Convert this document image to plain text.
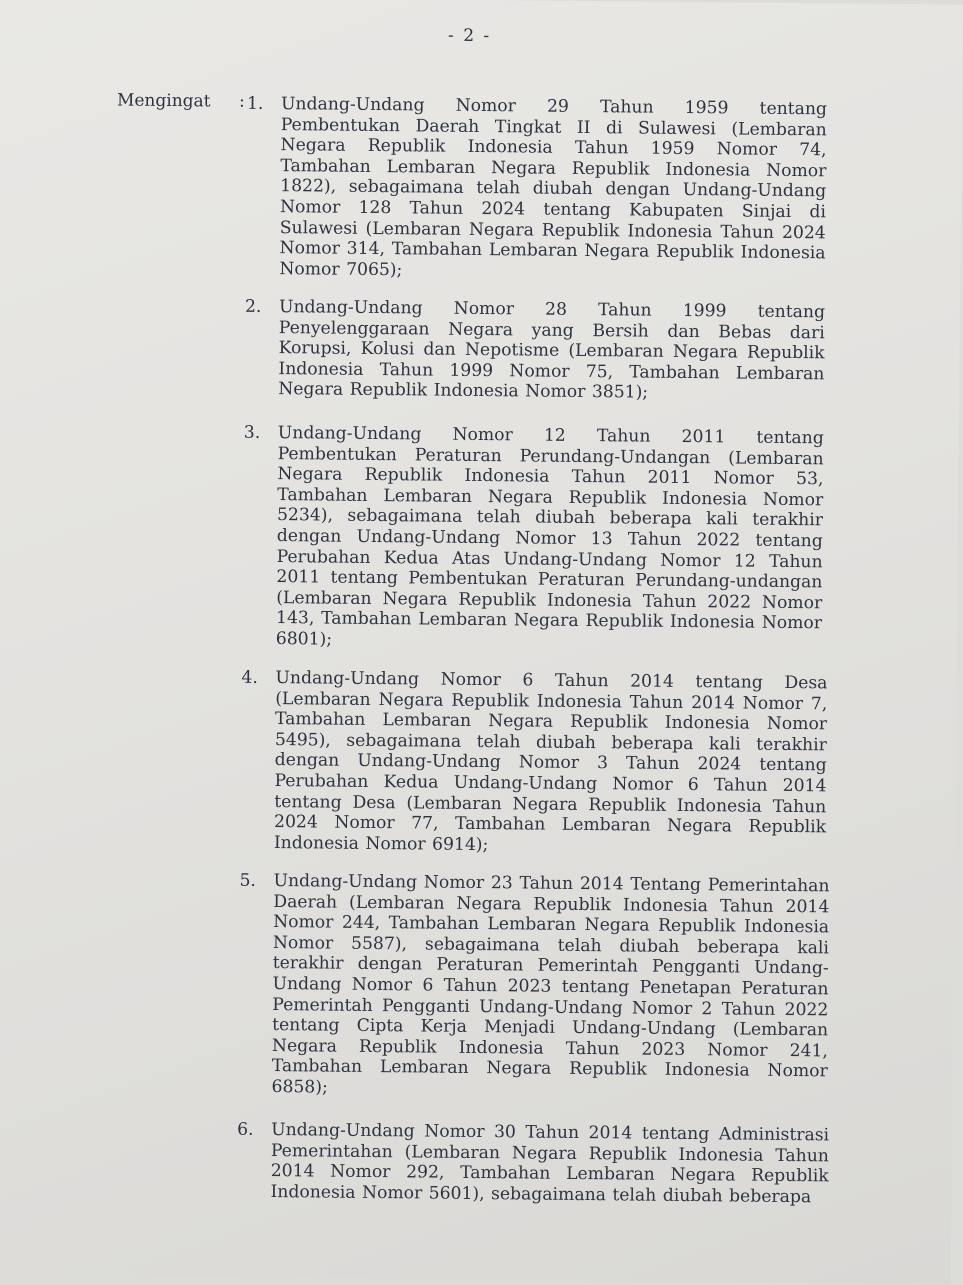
- 2 -
Mengingat : 1.	Undang-Undang Nomor 29 Tahun 1959 tentang Pembentukan Daerah Tingkat II di Sulawesi (Lembaran Negara Republik Indonesia Tahun 1959 Nomor 74, Tambahan Lembaran Negara Republik Indonesia Nomor 1822), sebagaimana telah diubah dengan Undang-Undang Nomor 128 Tahun 2024 tentang Kabupaten Sinjai di Sulawesi (Lembaran Negara Republik Indonesia Tahun 2024 Nomor 314, Tambahan Lembaran Negara Republik Indonesia Nomor 7065);
2.	Undang-Undang Nomor 28 Tahun 1999 tentang Penyelenggaraan Negara yang Bersih dan Bebas dari Korupsi, Kolusi dan Nepotisme (Lembaran Negara Republik Indonesia Tahun 1999 Nomor 75, Tambahan Lembaran Negara Republik Indonesia Nomor 3851);
3.	Undang-Undang Nomor 12 Tahun 2011 tentang Pembentukan Peraturan Perundang-Undangan (Lembaran Negara Republik Indonesia Tahun 2011 Nomor 53, Tambahan Lembaran Negara Republik Indonesia Nomor 5234), sebagaimana telah diubah beberapa kali terakhir dengan Undang-Undang Nomor 13 Tahun 2022 tentang Perubahan Kedua Atas Undang-Undang Nomor 12 Tahun 2011 tentang Pembentukan Peraturan Perundang-undangan (Lembaran Negara Republik Indonesia Tahun 2022 Nomor 143, Tambahan Lembaran Negara Republik Indonesia Nomor 6801);
4.	Undang-Undang Nomor 6 Tahun 2014 tentang Desa (Lembaran Negara Republik Indonesia Tahun 2014 Nomor 7, Tambahan Lembaran Negara Republik Indonesia Nomor 5495), sebagaimana telah diubah beberapa kali terakhir dengan Undang-Undang Nomor 3 Tahun 2024 tentang Perubahan Kedua Undang-Undang Nomor 6 Tahun 2014 tentang Desa (Lembaran Negara Republik Indonesia Tahun 2024 Nomor 77, Tambahan Lembaran Negara Republik Indonesia Nomor 6914);
5.	Undang-Undang Nomor 23 Tahun 2014 Tentang Pemerintahan Daerah (Lembaran Negara Republik Indonesia Tahun 2014 Nomor 244, Tambahan Lembaran Negara Republik Indonesia Nomor 5587), sebagaimana telah diubah beberapa kali terakhir dengan Peraturan Pemerintah Pengganti Undang-Undang Nomor 6 Tahun 2023 tentang Penetapan Peraturan Pemerintah Pengganti Undang-Undang Nomor 2 Tahun 2022 tentang Cipta Kerja Menjadi Undang-Undang (Lembaran Negara Republik Indonesia Tahun 2023 Nomor 241, Tambahan Lembaran Negara Republik Indonesia Nomor 6858);
6.	Undang-Undang Nomor 30 Tahun 2014 tentang Administrasi Pemerintahan (Lembaran Negara Republik Indonesia Tahun 2014 Nomor 292, Tambahan Lembaran Negara Republik Indonesia Nomor 5601), sebagaimana telah diubah beberapa
